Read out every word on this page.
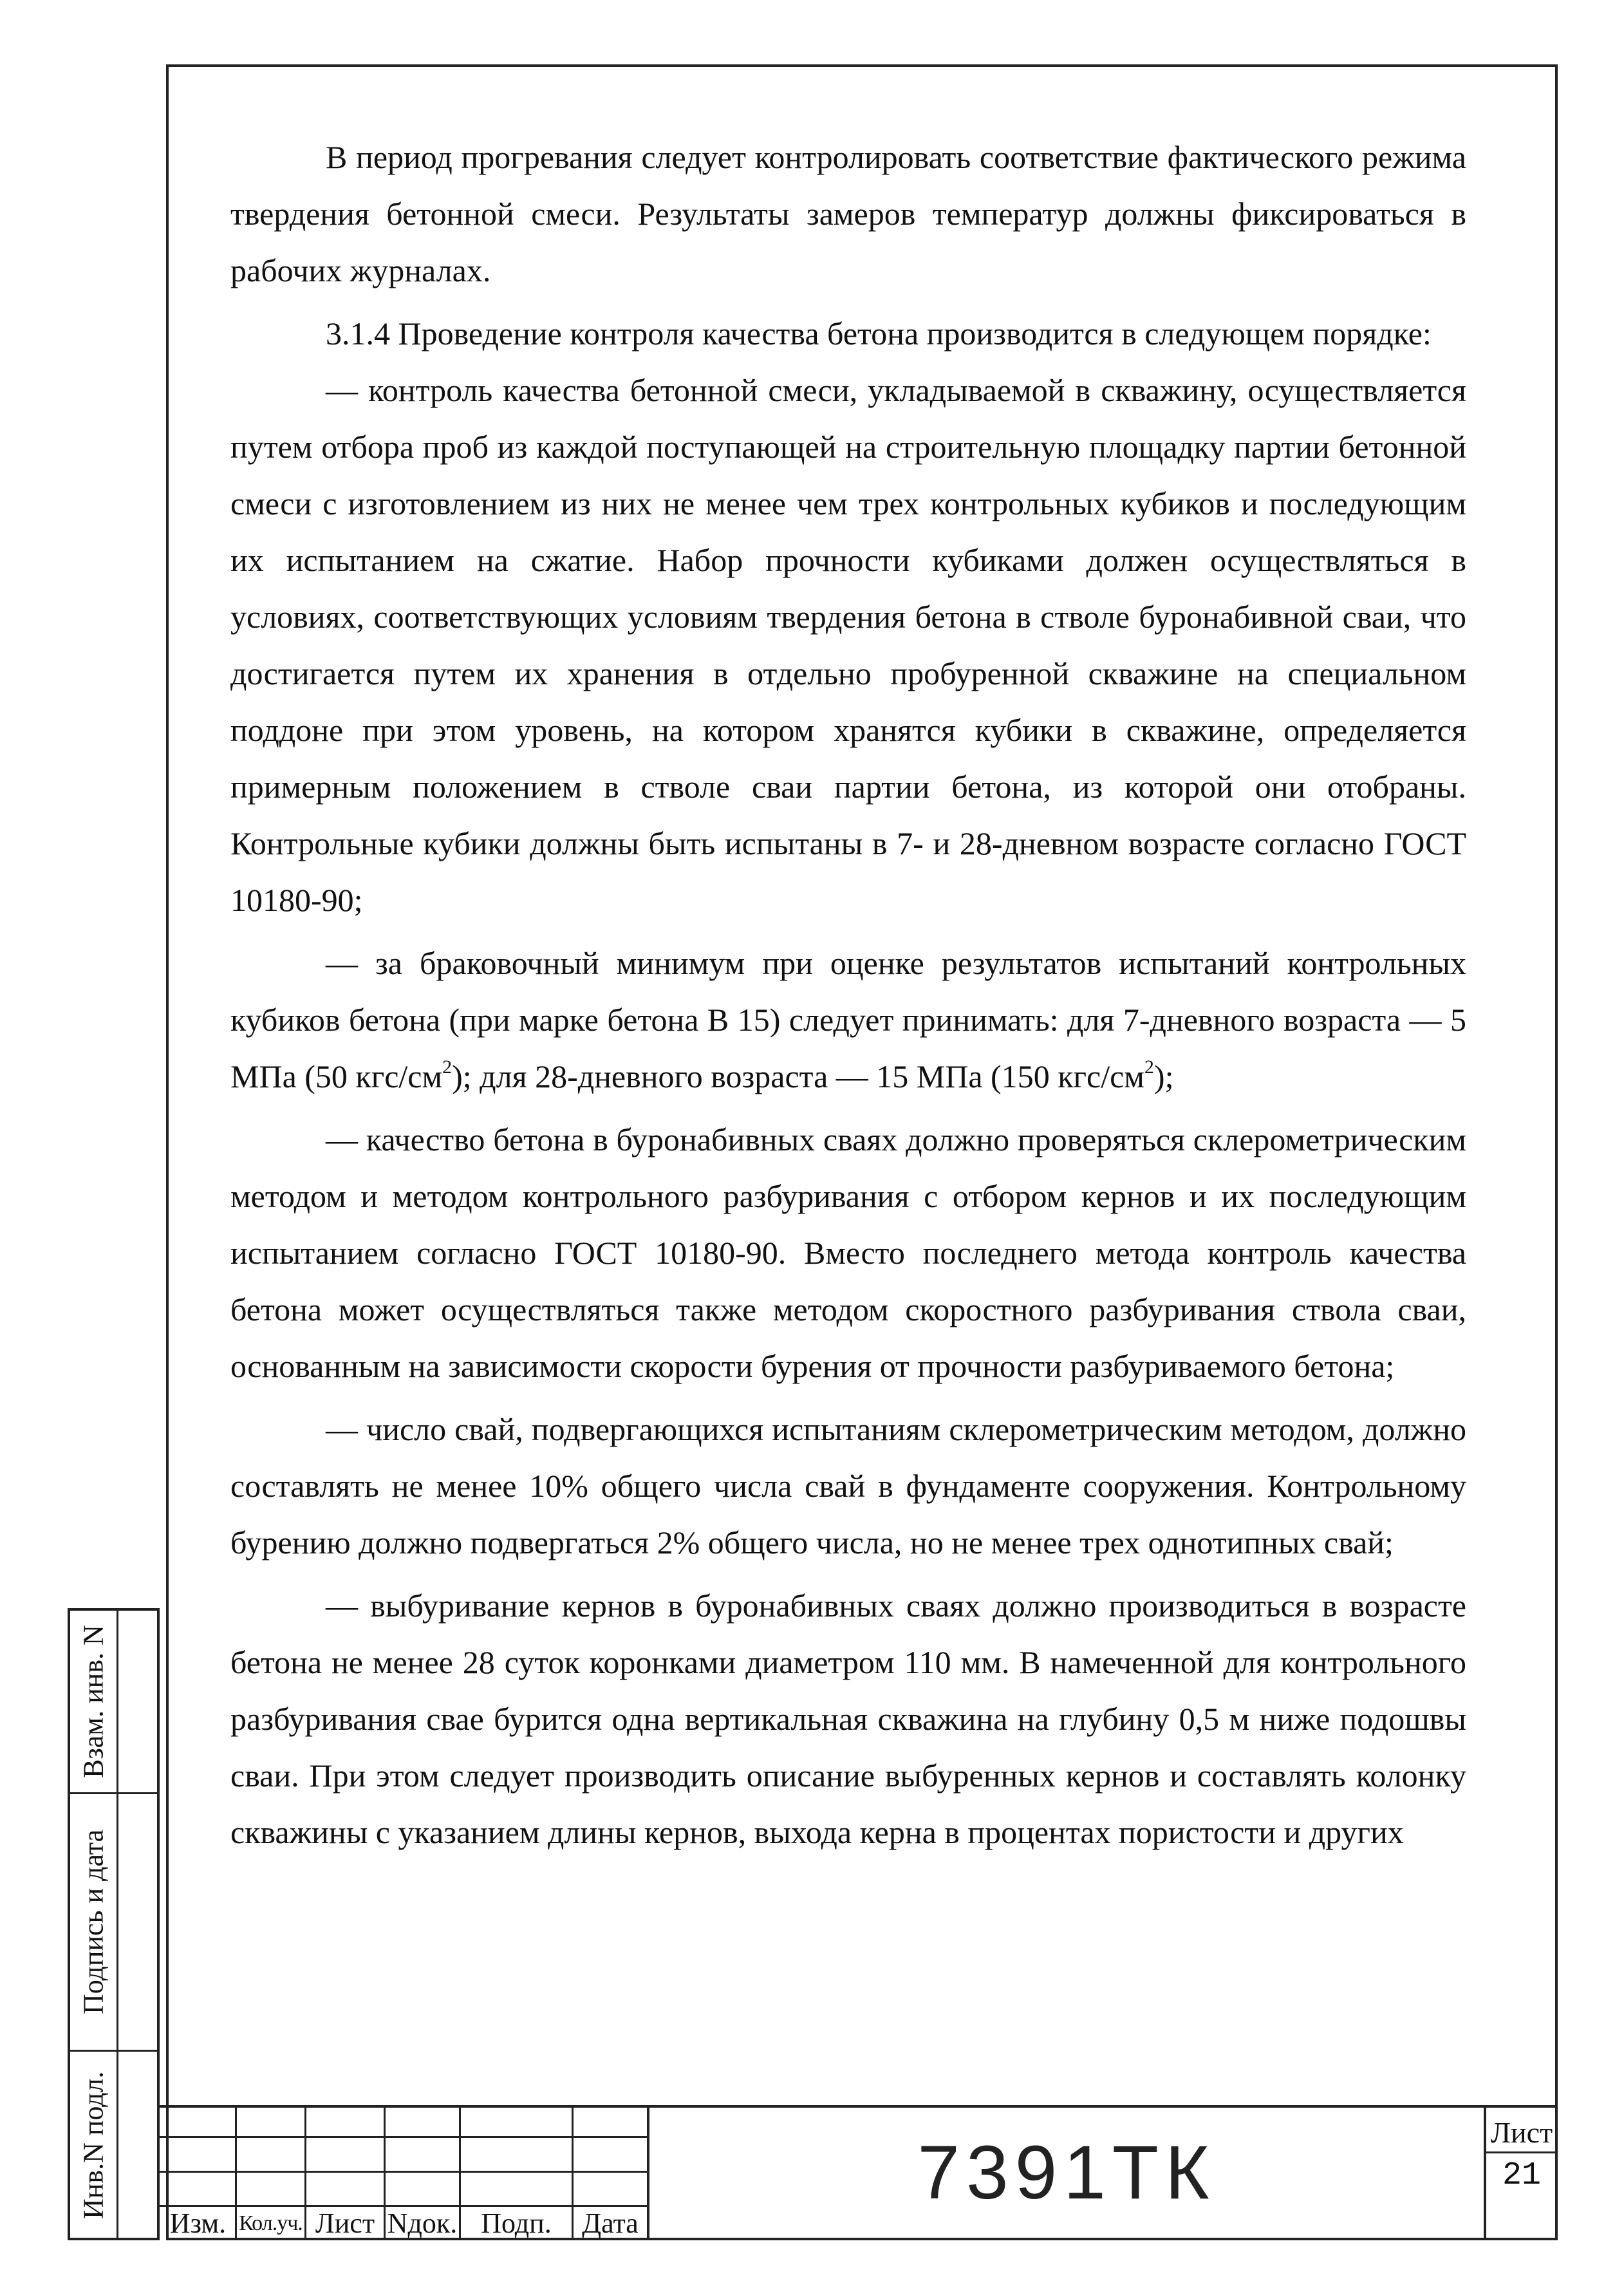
В период прогревания следует контролировать соответствие фактического режима твердения бетонной смеси. Результаты замеров температур должны фиксироваться в рабочих журналах.

3.1.4 Проведение контроля качества бетона производится в следующем порядке:

— контроль качества бетонной смеси, укладываемой в скважину, осуществляется путем отбора проб из каждой поступающей на строительную площадку партии бетонной смеси с изготовлением из них не менее чем трех контрольных кубиков и последующим их испытанием на сжатие. Набор прочности кубиками должен осуществляться в условиях, соответствующих условиям твердения бетона в стволе буронабивной сваи, что достигается путем их хранения в отдельно пробуренной скважине на специальном поддоне при этом уровень, на котором хранятся кубики в скважине, определяется примерным положением в стволе сваи партии бетона, из которой они отобраны. Контрольные кубики должны быть испытаны в 7- и 28-дневном возрасте согласно ГОСТ 10180-90;

— за браковочный минимум при оценке результатов испытаний контрольных кубиков бетона (при марке бетона В 15) следует принимать: для 7-дневного возраста — 5 МПа (50 кгс/$см^2$); для 28-дневного возраста — 15 МПа (150 кгс/$см^2$);

— качество бетона в буронабивных сваях должно проверяться склерометрическим методом и методом контрольного разбуривания с отбором кернов и их последующим испытанием согласно ГОСТ 10180-90. Вместо последнего метода контроль качества бетона может осуществляться также методом скоростного разбуривания ствола сваи, основанным на зависимости скорости бурения от прочности разбуриваемого бетона;

— число свай, подвергающихся испытаниям склерометрическим методом, должно составлять не менее 10% общего числа свай в фундаменте сооружения. Контрольному бурению должно подвергаться 2% общего числа, но не менее трех однотипных свай;

— выбуривание кернов в буронабивных сваях должно производиться в возрасте бетона не менее 28 суток коронками диаметром 110 мм. В намеченной для контрольного разбуривания свае бурится одна вертикальная скважина на глубину 0,5 м ниже подошвы сваи. При этом следует производить описание выбуренных кернов и составлять колонку скважины с указанием длины кернов, выхода керна в процентах пористости и других

Взам. инв. N
Подпись и дата
Инв.N подл.
Изм. Кол.уч. Лист Nдок. Подп.	Дата
7391ТК	Лист
21
